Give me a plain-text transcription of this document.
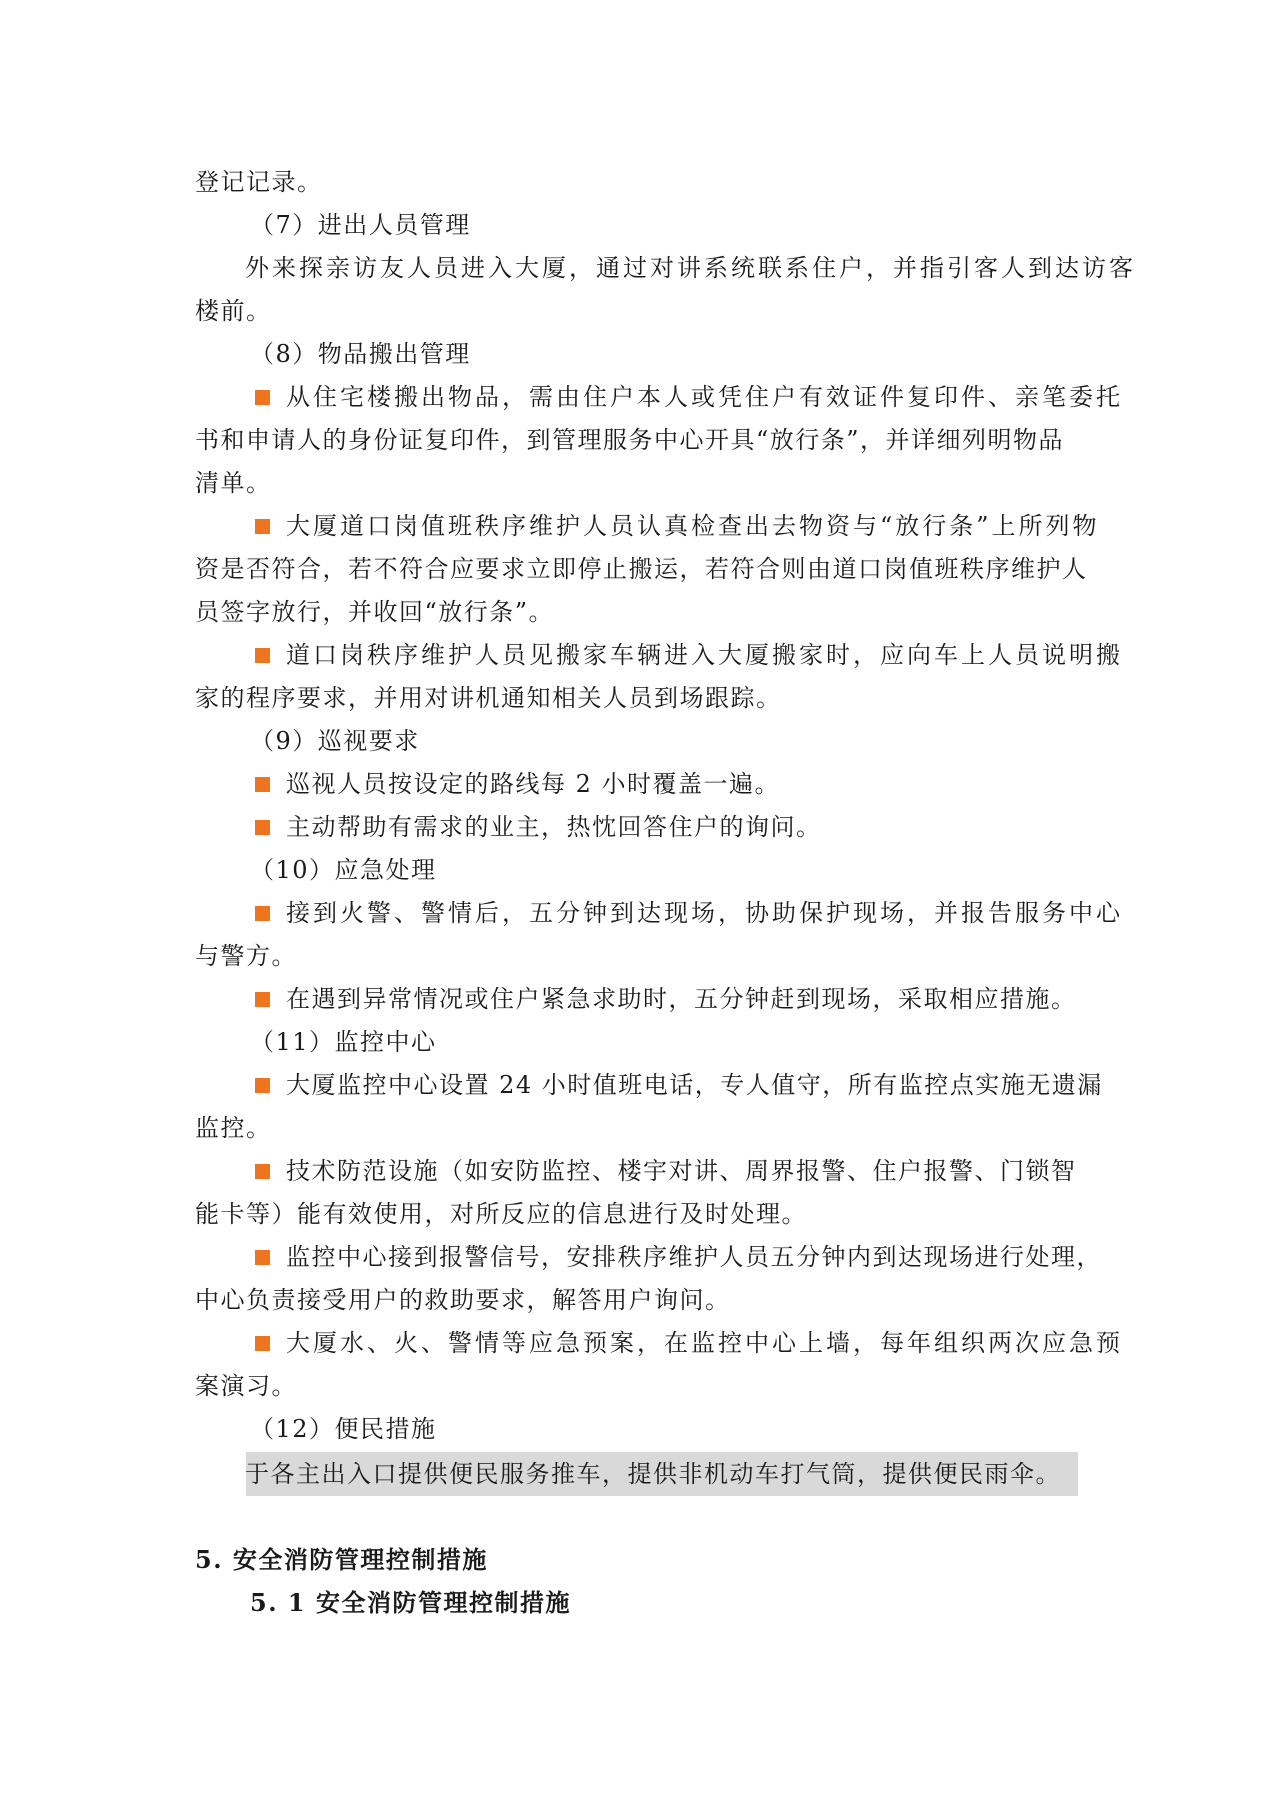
登记记录。
（7）进出人员管理
外来探亲访友人员进入大厦，通过对讲系统联系住户，并指引客人到达访客
楼前。
（8）物品搬出管理
从住宅楼搬出物品，需由住户本人或凭住户有效证件复印件、亲笔委托
书和申请人的身份证复印件，到管理服务中心开具“放行条”，并详细列明物品
清单。
大厦道口岗值班秩序维护人员认真检查出去物资与“放行条”上所列物
资是否符合，若不符合应要求立即停止搬运，若符合则由道口岗值班秩序维护人
员签字放行，并收回“放行条”。
道口岗秩序维护人员见搬家车辆进入大厦搬家时，应向车上人员说明搬
家的程序要求，并用对讲机通知相关人员到场跟踪。
（9）巡视要求
巡视人员按设定的路线每 2 小时覆盖一遍。
主动帮助有需求的业主，热忱回答住户的询问。
（10）应急处理
接到火警、警情后，五分钟到达现场，协助保护现场，并报告服务中心
与警方。
在遇到异常情况或住户紧急求助时，五分钟赶到现场，采取相应措施。
（11）监控中心
大厦监控中心设置 24 小时值班电话，专人值守，所有监控点实施无遗漏
监控。
技术防范设施（如安防监控、楼宇对讲、周界报警、住户报警、门锁智
能卡等）能有效使用，对所反应的信息进行及时处理。
监控中心接到报警信号，安排秩序维护人员五分钟内到达现场进行处理，
中心负责接受用户的救助要求，解答用户询问。
大厦水、火、警情等应急预案，在监控中心上墙，每年组织两次应急预
案演习。
（12）便民措施
于各主出入口提供便民服务推车，提供非机动车打气筒，提供便民雨伞。
5. 安全消防管理控制措施
5. 1 安全消防管理控制措施
